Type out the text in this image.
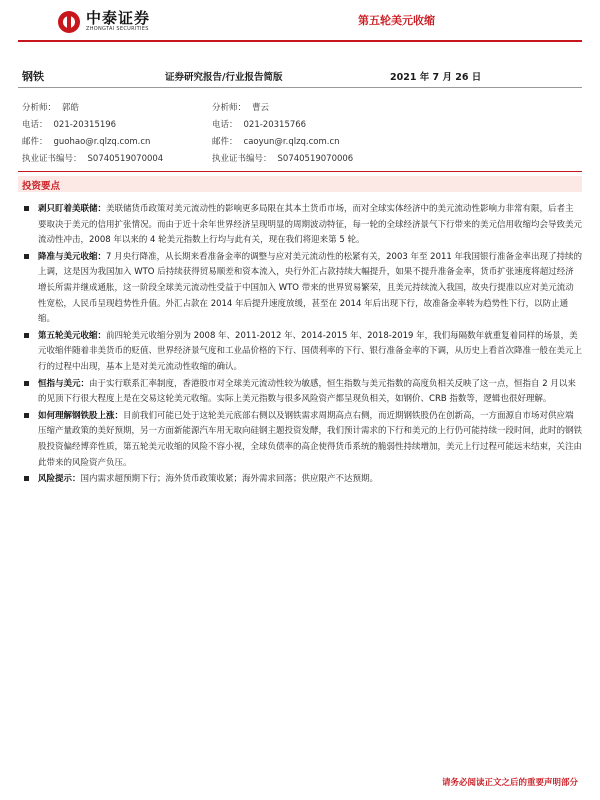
中泰证券
ZHONGTAI SECURITIES
第五轮美元收缩
钢铁	证券研究报告/行业报告简版	2021 年 7 月 26 日
分析师： 郭皓
电话： 021-20315196
邮件： guohao@r.qlzq.com.cn
执业证书编号： S0740519070004
分析师： 曹云
电话： 021-20315766
邮件： caoyun@r.qlzq.com.cn
执业证书编号： S0740519070006
投资要点
剥只盯着美联储：美联储货币政策对美元流动性的影响更多局限在其本土货币市场，而对全球实体经济中的美元流动性影响力非常有限，后者主要取决于美元的信用扩张情况。而由于近十余年世界经济呈现明显的周期波动特征，每一轮的全球经济景气下行带来的美元信用收缩均会导致美元流动性冲击，2008 年以来的 4 轮美元指数上行均与此有关，现在我们将迎来第 5 轮。
降准与美元收缩：7 月央行降准，从长期来看准备金率的调整与应对美元流动性的松紧有关，2003 年至 2011 年我国银行准备金率出现了持续的上调，这是因为我国加入 WTO 后持续获得贸易顺差和资本流入，央行外汇占款持续大幅提升，如果不提升准备金率，货币扩张速度将超过经济增长所需并继成通胀，这一阶段全球美元流动性受益于中国加入 WTO 带来的世界贸易繁荣，且美元持续流入我国，故央行提准以应对美元流动性宽松，人民币呈现趋势性升值。外汇占款在 2014 年后提升速度放缓，甚至在 2014 年后出现下行，故准备金率转为趋势性下行，以防止通缩。
第五轮美元收缩：前四轮美元收缩分别为 2008 年、2011-2012 年、2014-2015 年、2018-2019 年，我们每隔数年就重复着同样的场景，美元收缩伴随着非美货币的贬值、世界经济景气度和工业品价格的下行、国债利率的下行、银行准备金率的下调，从历史上看首次降准一般在美元上行的过程中出现，基本上是对美元流动性收缩的确认。
恒指与美元：由于实行联系汇率制度，香港股市对全球美元流动性较为敏感，恒生指数与美元指数的高度负相关反映了这一点，恒指自 2 月以来的见顶下行很大程度上是在交易这轮美元收缩。实际上美元指数与很多风险资产都呈现负相关，如钢价、CRB 指数等，逻辑也很好理解。
如何理解钢铁股上涨：目前我们可能已处于这轮美元底部右侧以及钢铁需求周期高点右侧，而近期钢铁股仍在创新高，一方面源自市场对供应端压缩产量政策的美好预期，另一方面新能源汽车用无取向硅钢主题投资发酵，我们预计需求的下行和美元的上行仍可能持续一段时间，此时的钢铁股投资偏经博弈性质，第五轮美元收缩的风险不容小视，全球负债率的高企使得货币系统的脆弱性持续增加，美元上行过程可能远未结束，关注由此带来的风险资产负压。
风险提示：国内需求超预期下行；海外货币政策收紧；海外需求回落；供应限产不达预期。
请务必阅读正文之后的重要声明部分
